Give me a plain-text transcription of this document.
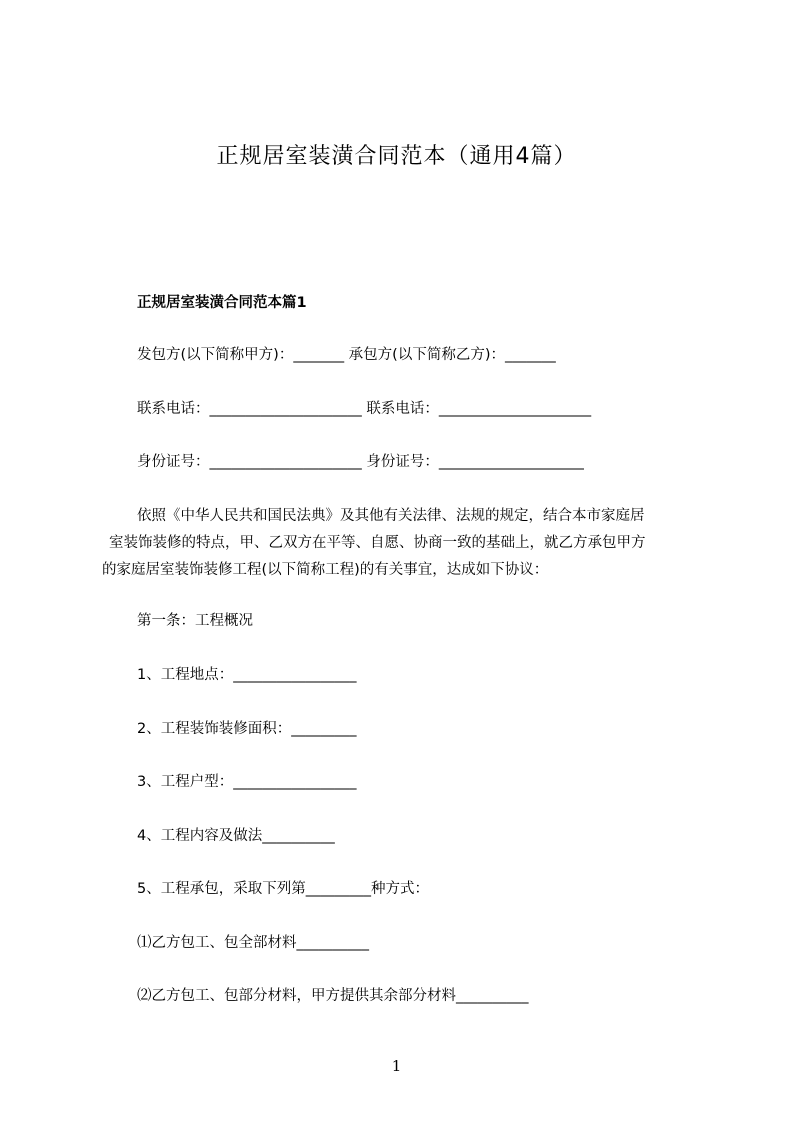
正规居室装潢合同范本（通用4篇）
正规居室装潢合同范本篇1
发包方(以下简称甲方)：_______ 承包方(以下简称乙方)：_______
联系电话：_____________________ 联系电话：_____________________
身份证号：_____________________ 身份证号：____________________
依照《中华人民共和国民法典》及其他有关法律、法规的规定，结合本市家庭居
室装饰装修的特点，甲、乙双方在平等、自愿、协商一致的基础上，就乙方承包甲方
的家庭居室装饰装修工程(以下简称工程)的有关事宜，达成如下协议：
第一条：工程概况
1、工程地点：_________________
2、工程装饰装修面积：_________
3、工程户型：_________________
4、工程内容及做法__________
5、工程承包，采取下列第_________种方式：
⑴乙方包工、包全部材料__________
⑵乙方包工、包部分材料，甲方提供其余部分材料__________
1
